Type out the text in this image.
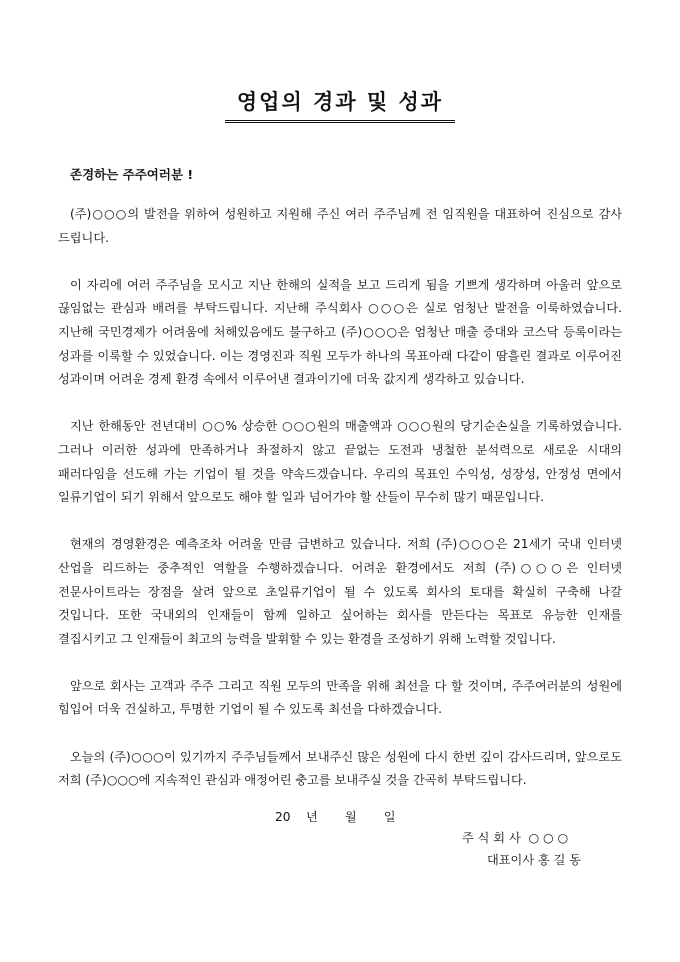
영업의 경과 및 성과
존경하는 주주여러분 !

(주)○○○의 발전을 위하여 성원하고 지원해 주신 여러 주주님께 전 임직원을 대표하여 진심으로 감사 드립니다.

이 자리에 여러 주주님을 모시고 지난 한해의 실적을 보고 드리게 됨을 기쁘게 생각하며 아울러 앞으로 끊임없는 관심과 배려를 부탁드립니다. 지난해 주식회사 ○○○은 실로 엄청난 발전을 이룩하였습니다. 지난해 국민경제가 어려움에 처해있음에도 불구하고 (주)○○○은 엄청난 매출 증대와 코스닥 등록이라는 성과를 이룩할 수 있었습니다. 이는 경영진과 직원 모두가 하나의 목표아래 다같이 땀흘린 결과로 이루어진 성과이며 어려운 경제 환경 속에서 이루어낸 결과이기에 더욱 값지게 생각하고 있습니다.

지난 한해동안 전년대비 ○○% 상승한 ○○○원의 매출액과 ○○○원의 당기순손실을 기록하였습니다. 그러나 이러한 성과에 만족하거나 좌절하지 않고 끝없는 도전과 냉철한 분석력으로 새로운 시대의 패러다임을 선도해 가는 기업이 될 것을 약속드겠습니다. 우리의 목표인 수익성, 성장성, 안정성 면에서 일류기업이 되기 위해서 앞으로도 해야 할 일과 넘어가야 할 산들이 무수히 많기 때문입니다.

현재의 경영환경은 예측조차 어려울 만큼 급변하고 있습니다. 저희 (주)○○○은 21세기 국내 인터넷 산업을 리드하는 중추적인 역할을 수행하겠습니다. 어려운 환경에서도 저희 (주)○○○은 인터넷 전문사이트라는 장점을 살려 앞으로 초일류기업이 될 수 있도록 회사의 토대를 확실히 구축해 나갈 것입니다. 또한 국내외의 인재들이 함께 일하고 싶어하는 회사를 만든다는 목표로 유능한 인재를 결집시키고 그 인재들이 최고의 능력을 발휘할 수 있는 환경을 조성하기 위해 노력할 것입니다.

앞으로 회사는 고객과 주주 그리고 직원 모두의 만족을 위해 최선을 다 할 것이며, 주주여러분의 성원에 힘입어 더욱 건실하고, 투명한 기업이 될 수 있도록 최선을 다하겠습니다.

오늘의 (주)○○○이 있기까지 주주님들께서 보내주신 많은 성원에 다시 한번 깊이 감사드리며, 앞으로도 저희 (주)○○○에 지속적인 관심과 애정어린 충고를 보내주실 것을 간곡히 부탁드립니다.

20    년       월       일
주 식 회 사  ○ ○ ○
대표이사 홍 길 동
